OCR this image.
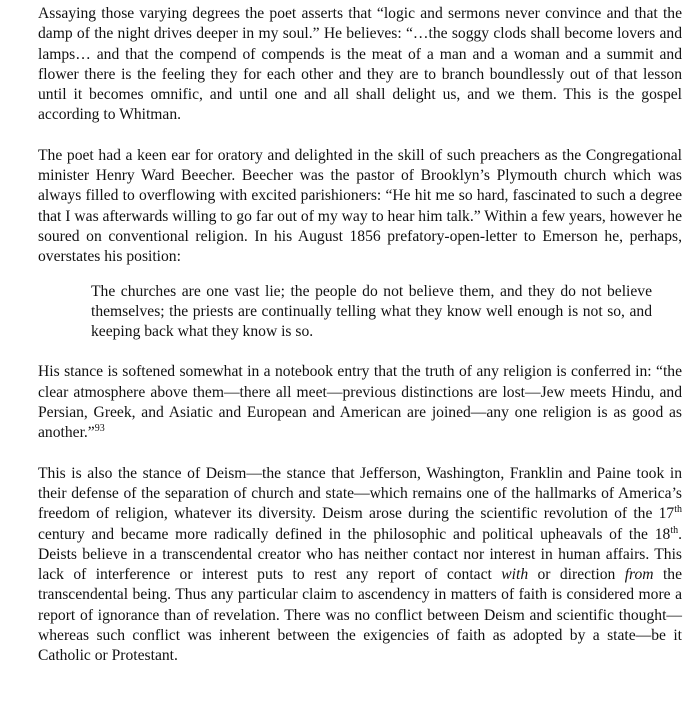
Assaying those varying degrees the poet asserts that “logic and sermons never convince and that the damp of the night drives deeper in my soul.” He believes: “…the soggy clods shall become lovers and lamps… and that the compend of compends is the meat of a man and a woman and a summit and flower there is the feeling they for each other and they are to branch boundlessly out of that lesson until it becomes omnific, and until one and all shall delight us, and we them. This is the gospel according to Whitman.

The poet had a keen ear for oratory and delighted in the skill of such preachers as the Congregational minister Henry Ward Beecher. Beecher was the pastor of Brooklyn’s Plymouth church which was always filled to overflowing with excited parishioners: “He hit me so hard, fascinated to such a degree that I was afterwards willing to go far out of my way to hear him talk.” Within a few years, however he soured on conventional religion. In his August 1856 prefatory-open-letter to Emerson he, perhaps, overstates his position:

The churches are one vast lie; the people do not believe them, and they do not believe themselves; the priests are continually telling what they know well enough is not so, and keeping back what they know is so.

His stance is softened somewhat in a notebook entry that the truth of any religion is conferred in: “the clear atmosphere above them—there all meet—previous distinctions are lost—Jew meets Hindu, and Persian, Greek, and Asiatic and European and American are joined—any one religion is as good as another.”$^{93}$

This is also the stance of Deism—the stance that Jefferson, Washington, Franklin and Paine took in their defense of the separation of church and state—which remains one of the hallmarks of America’s freedom of religion, whatever its diversity. Deism arose during the scientific revolution of the 17th century and became more radically defined in the philosophic and political upheavals of the 18th. Deists believe in a transcendental creator who has neither contact nor interest in human affairs. This lack of interference or interest puts to rest any report of contact with or direction from the transcendental being. Thus any particular claim to ascendency in matters of faith is considered more a report of ignorance than of revelation. There was no conflict between Deism and scientific thought—whereas such conflict was inherent between the exigencies of faith as adopted by a state—be it Catholic or Protestant.
